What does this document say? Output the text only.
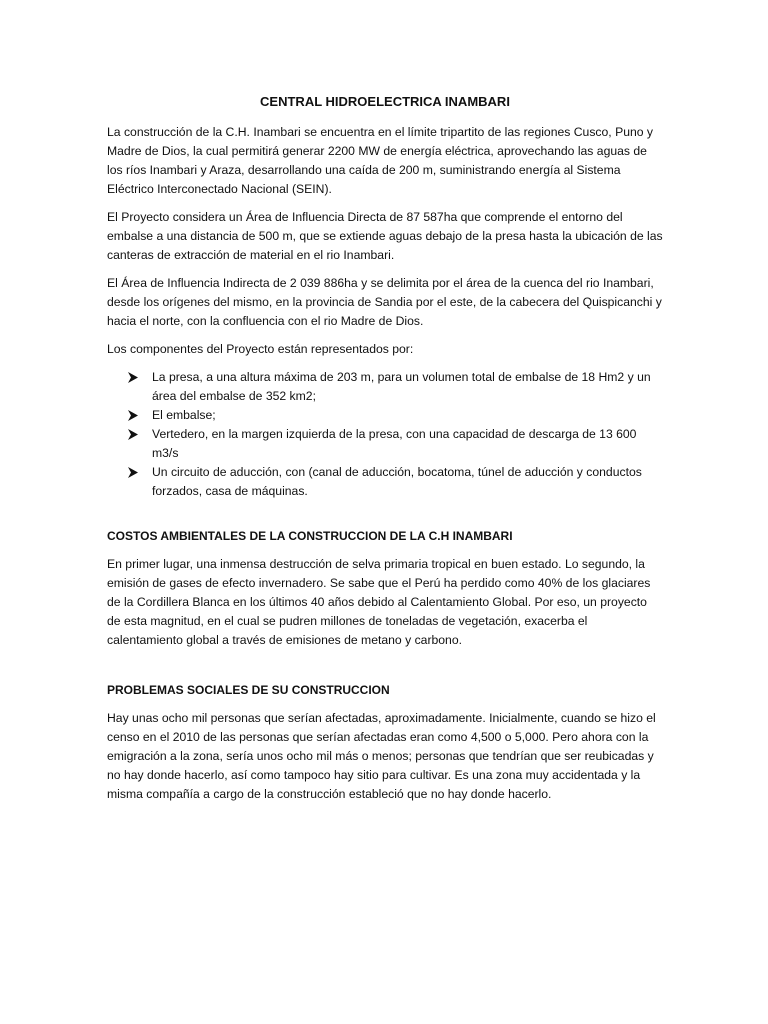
CENTRAL HIDROELECTRICA INAMBARI

La construcción de la C.H. Inambari se encuentra en el límite tripartito de las regiones Cusco, Puno y Madre de Dios, la cual permitirá generar 2200 MW de energía eléctrica, aprovechando las aguas de los ríos Inambari y Araza, desarrollando una caída de 200 m, suministrando energía al Sistema Eléctrico Interconectado Nacional (SEIN).

El Proyecto considera un Área de Influencia Directa de 87 587ha que comprende el entorno del embalse a una distancia de 500 m, que se extiende aguas debajo de la presa hasta la ubicación de las canteras de extracción de material en el rio Inambari.

El Área de Influencia Indirecta de 2 039 886ha y se delimita por el área de la cuenca del rio Inambari, desde los orígenes del mismo, en la provincia de Sandia por el este, de la cabecera del Quispicanchi y hacia el norte, con la confluencia con el rio Madre de Dios.

Los componentes del Proyecto están representados por:

La presa, a una altura máxima de 203 m, para un volumen total de embalse de 18 Hm2 y un área del embalse de 352 km2;
El embalse;
Vertedero, en la margen izquierda de la presa, con una capacidad de descarga de 13 600 m3/s
Un circuito de aducción, con (canal de aducción, bocatoma, túnel de aducción y conductos forzados, casa de máquinas.
COSTOS AMBIENTALES DE LA CONSTRUCCION DE LA C.H INAMBARI

En primer lugar, una inmensa destrucción de selva primaria tropical en buen estado. Lo segundo, la emisión de gases de efecto invernadero. Se sabe que el Perú ha perdido como 40% de los glaciares de la Cordillera Blanca en los últimos 40 años debido al Calentamiento Global. Por eso, un proyecto de esta magnitud, en el cual se pudren millones de toneladas de vegetación, exacerba el calentamiento global a través de emisiones de metano y carbono.

PROBLEMAS SOCIALES DE SU CONSTRUCCION

Hay unas ocho mil personas que serían afectadas, aproximadamente. Inicialmente, cuando se hizo el censo en el 2010 de las personas que serían afectadas eran como 4,500 o 5,000. Pero ahora con la emigración a la zona, sería unos ocho mil más o menos; personas que tendrían que ser reubicadas y no hay donde hacerlo, así como tampoco hay sitio para cultivar. Es una zona muy accidentada y la misma compañía a cargo de la construcción estableció que no hay donde hacerlo.
